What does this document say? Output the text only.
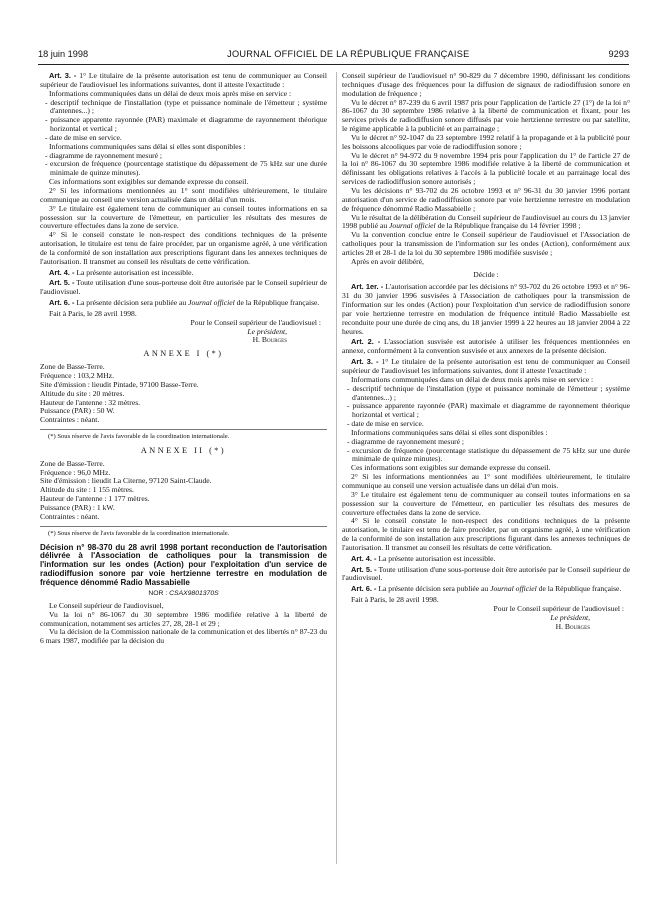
18 juin 1998	JOURNAL OFFICIEL DE LA RÉPUBLIQUE FRANÇAISE	9293

Art. 3. - 1° Le titulaire de la présente autorisation est tenu de communiquer au Conseil supérieur de l'audiovisuel les informations suivantes, dont il atteste l'exactitude :

Informations communiquées dans un délai de deux mois après mise en service :

- descriptif technique de l'installation (type et puissance nominale de l'émetteur ; système d'antennes...) ;

- puissance apparente rayonnée (PAR) maximale et diagramme de rayonnement théorique horizontal et vertical ;

- date de mise en service.

Informations communiquées sans délai si elles sont disponibles :

- diagramme de rayonnement mesuré ;

- excursion de fréquence (pourcentage statistique du dépassement de 75 kHz sur une durée minimale de quinze minutes).

Ces informations sont exigibles sur demande expresse du conseil.

2° Si les informations mentionnées au 1° sont modifiées ultérieurement, le titulaire communique au conseil une version actualisée dans un délai d'un mois.

3° Le titulaire est également tenu de communiquer au conseil toutes informations en sa possession sur la couverture de l'émetteur, en particulier les résultats des mesures de couverture effectuées dans la zone de service.

4° Si le conseil constate le non-respect des conditions techniques de la présente autorisation, le titulaire est tenu de faire procéder, par un organisme agréé, à une vérification de la conformité de son installation aux prescriptions figurant dans les annexes techniques de l'autorisation. Il transmet au conseil les résultats de cette vérification.

Art. 4. - La présente autorisation est incessible.

Art. 5. - Toute utilisation d'une sous-porteuse doit être autorisée par le Conseil supérieur de l'audiovisuel.

Art. 6. - La présente décision sera publiée au Journal officiel de la République française.

Fait à Paris, le 28 avril 1998.

Pour le Conseil supérieur de l'audiovisuel :

Le président,

H. Bourges

ANNEXE I (*)

Zone de Basse-Terre.

Fréquence : 103,2 MHz.

Site d'émission : lieudit Pintade, 97100 Basse-Terre.

Altitude du site : 20 mètres.

Hauteur de l'antenne : 32 mètres.

Puissance (PAR) : 50 W.

Contraintes : néant.

(*) Sous réserve de l'avis favorable de la coordination internationale.

ANNEXE II (*)

Zone de Basse-Terre.

Fréquence : 96,0 MHz.

Site d'émission : lieudit La Citerne, 97120 Saint-Claude.

Altitude du site : 1 155 mètres.

Hauteur de l'antenne : 1 177 mètres.

Puissance (PAR) : 1 kW.

Contraintes : néant.

(*) Sous réserve de l'avis favorable de la coordination internationale.

Décision n° 98-370 du 28 avril 1998 portant reconduction de l'autorisation délivrée à l'Association de catholiques pour la transmission de l'information sur les ondes (Action) pour l'exploitation d'un service de radiodiffusion sonore par voie hertzienne terrestre en modulation de fréquence dénommé Radio Massabielle

NOR : CSAX9801370S

Le Conseil supérieur de l'audiovisuel,

Vu la loi n° 86-1067 du 30 septembre 1986 modifiée relative à la liberté de communication, notamment ses articles 27, 28, 28-1 et 29 ;

Vu la décision de la Commission nationale de la communication et des libertés n° 87-23 du 6 mars 1987, modifiée par la décision du

Conseil supérieur de l'audiovisuel n° 90-829 du 7 décembre 1990, définissant les conditions techniques d'usage des fréquences pour la diffusion de signaux de radiodiffusion sonore en modulation de fréquence ;

Vu le décret n° 87-239 du 6 avril 1987 pris pour l'application de l'article 27 (1°) de la loi n° 86-1067 du 30 septembre 1986 relative à la liberté de communication et fixant, pour les services privés de radiodiffusion sonore diffusés par voie hertzienne terrestre ou par satellite, le régime applicable à la publicité et au parrainage ;

Vu le décret n° 92-1047 du 23 septembre 1992 relatif à la propagande et à la publicité pour les boissons alcooliques par voie de radiodiffusion sonore ;

Vu le décret n° 94-972 du 9 novembre 1994 pris pour l'application du 1° de l'article 27 de la loi n° 86-1067 du 30 septembre 1986 modifiée relative à la liberté de communication et définissant les obligations relatives à l'accès à la publicité locale et au parrainage local des services de radiodiffusion sonore autorisés ;

Vu les décisions n° 93-702 du 26 octobre 1993 et n° 96-31 du 30 janvier 1996 portant autorisation d'un service de radiodiffusion sonore par voie hertzienne terrestre en modulation de fréquence dénommé Radio Massabielle ;

Vu le résultat de la délibération du Conseil supérieur de l'audiovisuel au cours du 13 janvier 1998 publié au Journal officiel de la République française du 14 février 1998 ;

Vu la convention conclue entre le Conseil supérieur de l'audiovisuel et l'Association de catholiques pour la transmission de l'information sur les ondes (Action), conformément aux articles 28 et 28-1 de la loi du 30 septembre 1986 modifiée susvisée ;

Après en avoir délibéré,

Décide :

Art. 1er. - L'autorisation accordée par les décisions n° 93-702 du 26 octobre 1993 et n° 96-31 du 30 janvier 1996 susvisées à l'Association de catholiques pour la transmission de l'information sur les ondes (Action) pour l'exploitation d'un service de radiodiffusion sonore par voie hertzienne terrestre en modulation de fréquence intitulé Radio Massabielle est reconduite pour une durée de cinq ans, du 18 janvier 1999 à 22 heures au 18 janvier 2004 à 22 heures.

Art. 2. - L'association susvisée est autorisée à utiliser les fréquences mentionnées en annexe, conformément à la convention susvisée et aux annexes de la présente décision.

Art. 3. - 1° Le titulaire de la présente autorisation est tenu de communiquer au Conseil supérieur de l'audiovisuel les informations suivantes, dont il atteste l'exactitude :

Informations communiquées dans un délai de deux mois après mise en service :

- descriptif technique de l'installation (type et puissance nominale de l'émetteur ; système d'antennes...) ;

- puissance apparente rayonnée (PAR) maximale et diagramme de rayonnement théorique horizontal et vertical ;

- date de mise en service.

Informations communiquées sans délai si elles sont disponibles :

- diagramme de rayonnement mesuré ;

- excursion de fréquence (pourcentage statistique du dépassement de 75 kHz sur une durée minimale de quinze minutes).

Ces informations sont exigibles sur demande expresse du conseil.

2° Si les informations mentionnées au 1° sont modifiées ultérieurement, le titulaire communique au conseil une version actualisée dans un délai d'un mois.

3° Le titulaire est également tenu de communiquer au conseil toutes informations en sa possession sur la couverture de l'émetteur, en particulier les résultats des mesures de couverture effectuées dans la zone de service.

4° Si le conseil constate le non-respect des conditions techniques de la présente autorisation, le titulaire est tenu de faire procéder, par un organisme agréé, à une vérification de la conformité de son installation aux prescriptions figurant dans les annexes techniques de l'autorisation. Il transmet au conseil les résultats de cette vérification.

Art. 4. - La présente autorisation est incessible.

Art. 5. - Toute utilisation d'une sous-porteuse doit être autorisée par le Conseil supérieur de l'audiovisuel.

Art. 6. - La présente décision sera publiée au Journal officiel de la République française.

Fait à Paris, le 28 avril 1998.

Pour le Conseil supérieur de l'audiovisuel :

Le président,

H. Bourges
